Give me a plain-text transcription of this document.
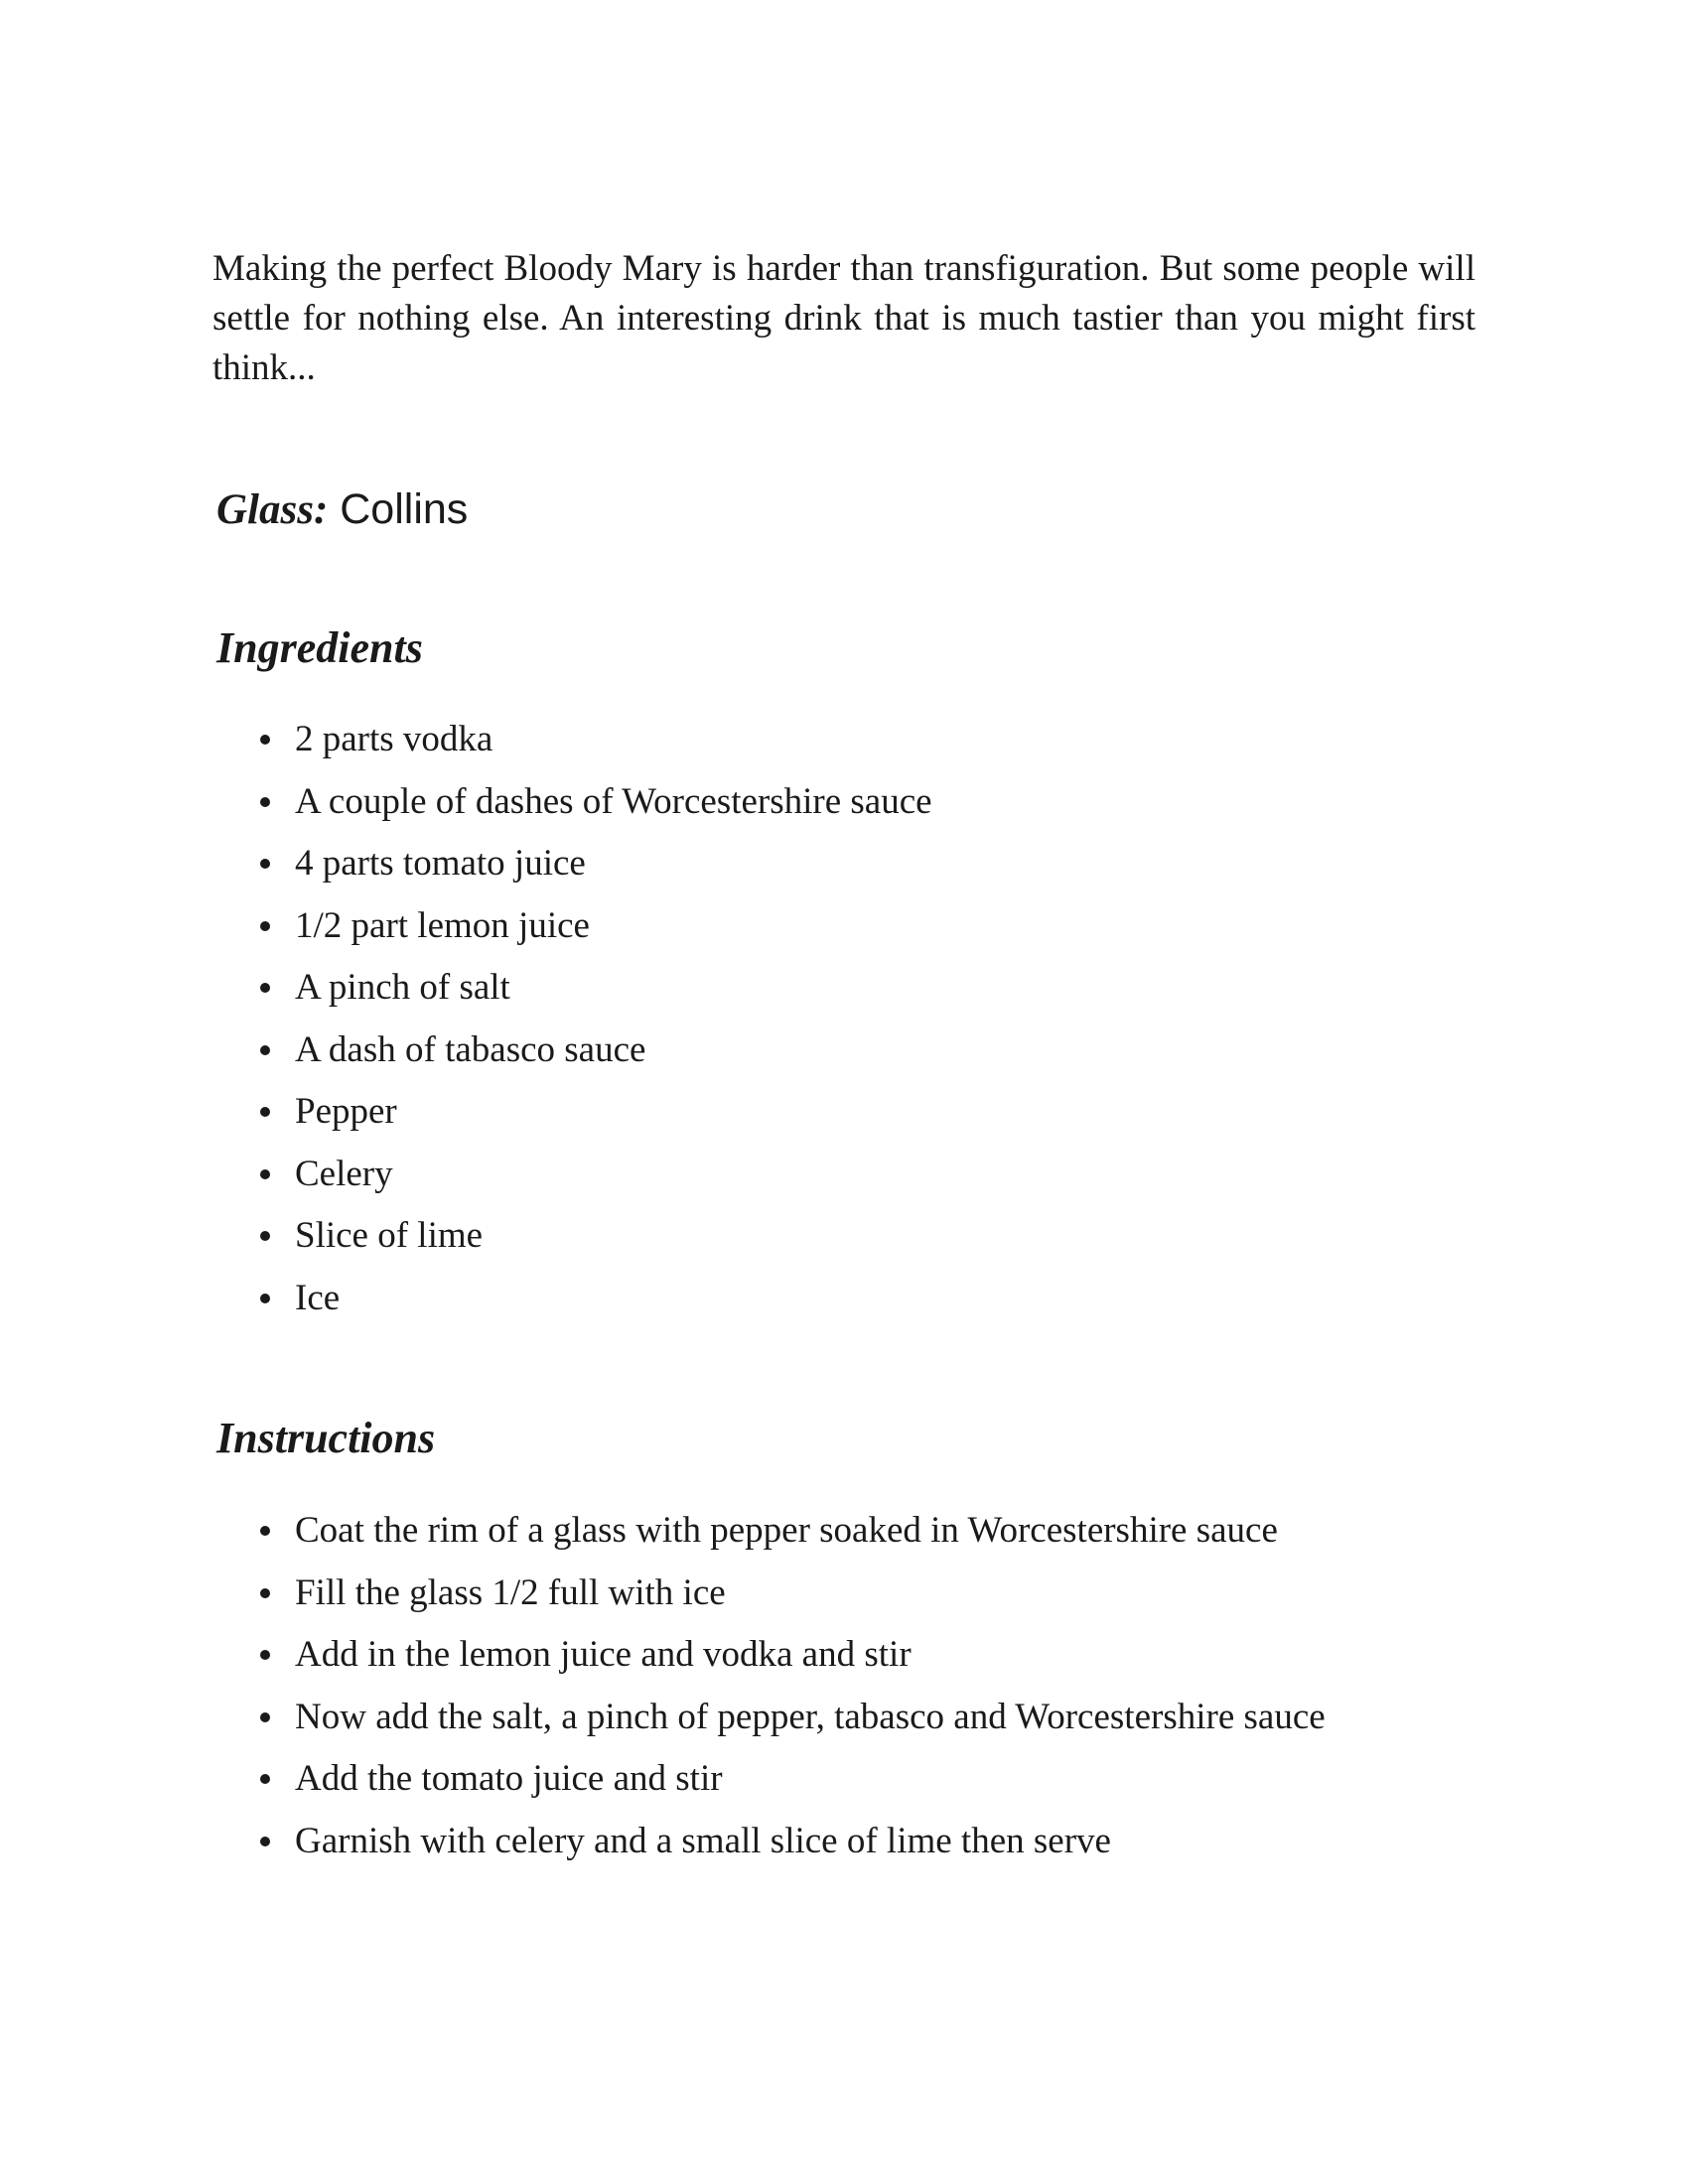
Making the perfect Bloody Mary is harder than transfiguration. But some people will settle for nothing else. An interesting drink that is much tastier than you might first think...

Glass: Collins

Ingredients
2 parts vodka
A couple of dashes of Worcestershire sauce
4 parts tomato juice
1/2 part lemon juice
A pinch of salt
A dash of tabasco sauce
Pepper
Celery
Slice of lime
Ice
Instructions
Coat the rim of a glass with pepper soaked in Worcestershire sauce
Fill the glass 1/2 full with ice
Add in the lemon juice and vodka and stir
Now add the salt, a pinch of pepper, tabasco and Worcestershire sauce
Add the tomato juice and stir
Garnish with celery and a small slice of lime then serve
